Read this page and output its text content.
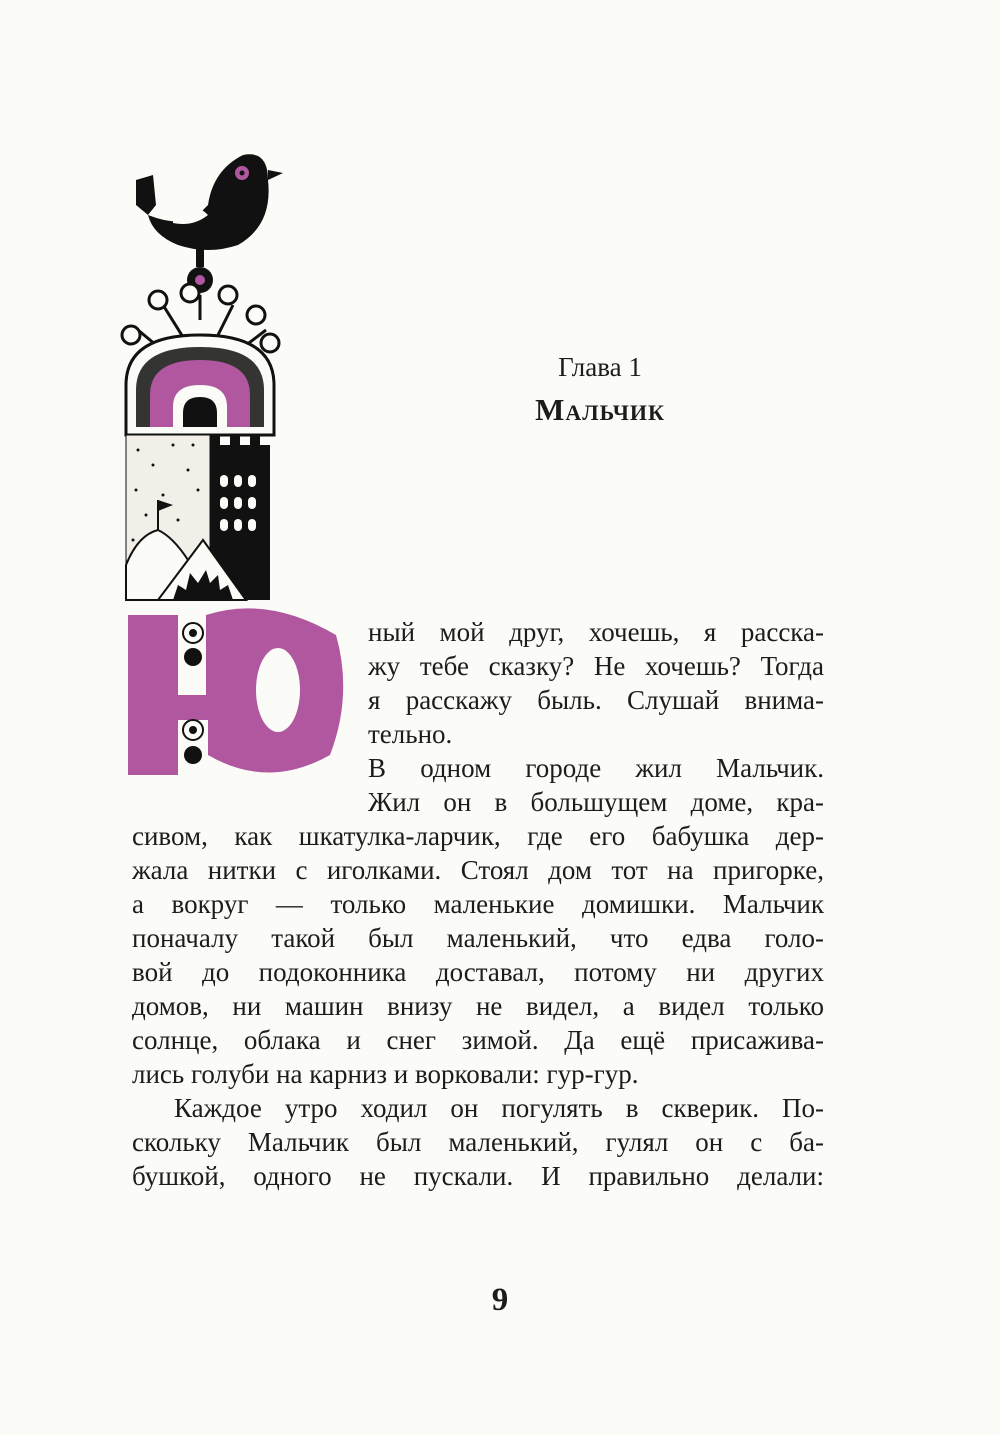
Глава 1
Мальчик
ный мой друг, хочешь, я расска-
жу тебе сказку? Не хочешь? Тогда
я расскажу быль. Слушай внима-
тельно.
В одном городе жил Мальчик.
Жил он в большущем доме, кра-
сивом, как шкатулка-ларчик, где его бабушка дер-
жала нитки с иголками. Стоял дом тот на пригорке,
а вокруг — только маленькие домишки. Мальчик
поначалу такой был маленький, что едва голо-
вой до подоконника доставал, потому ни других
домов, ни машин внизу не видел, а видел только
солнце, облака и снег зимой. Да ещё присажива-
лись голуби на карниз и ворковали: гур-гур.
Каждое утро ходил он погулять в скверик. По-
скольку Мальчик был маленький, гулял он с ба-
бушкой, одного не пускали. И правильно делали:
9
